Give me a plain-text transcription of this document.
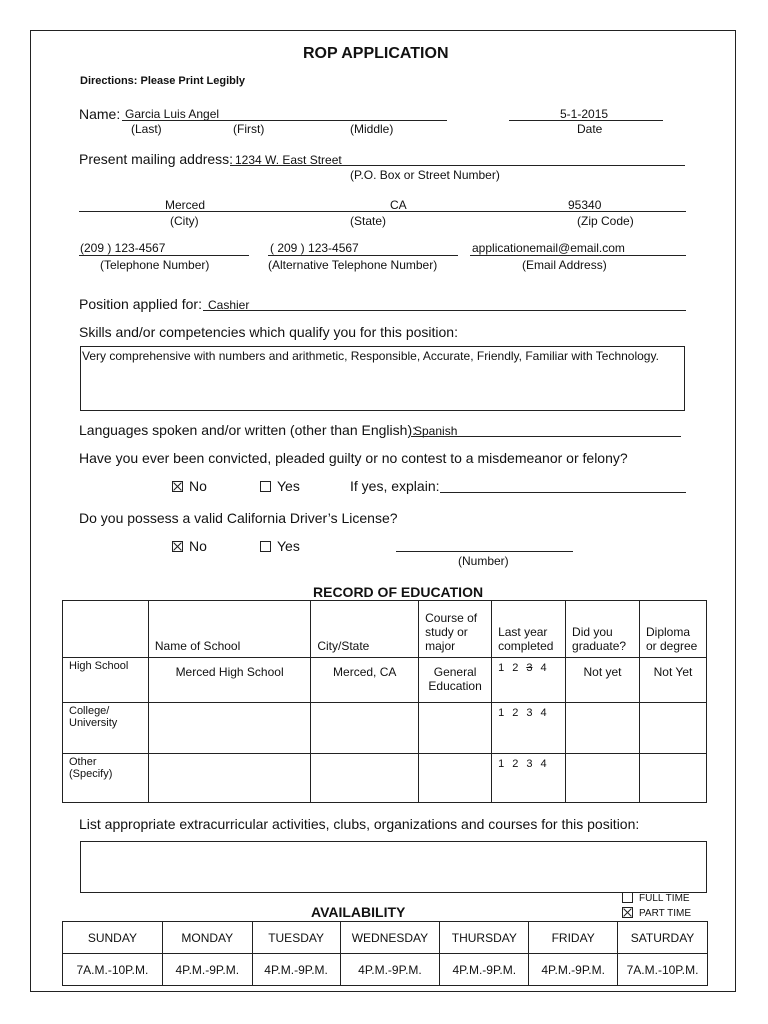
ROP APPLICATION
Directions: Please Print Legibly
Name: Garcia Luis Angel
(Last)	(First)	(Middle)
5-1-2015
Date
Present mailing address: 1234 W. East Street
(P.O. Box or Street Number)
Merced	CA	95340
(City)	(State)	(Zip Code)
(209 ) 123-4567
(Telephone Number)
( 209 ) 123-4567
(Alternative Telephone Number)
applicationemail@email.com
(Email Address)
Position applied for: Cashier
Skills and/or competencies which qualify you for this position:
Very comprehensive with numbers and arithmetic, Responsible, Accurate, Friendly, Familiar with Technology.
Languages spoken and/or written (other than English):
Spanish
Have you ever been convicted, pleaded guilty or no contest to a misdemeanor or felony?
No	Yes	If yes, explain:
Do you possess a valid California Driver’s License?
No	Yes
(Number)
RECORD OF EDUCATION
	Name of School	City/State	Course of study or major	Last year completed	Did you graduate?	Diploma or degree
High School	Merced High School	Merced, CA	General Education	1 2 3 4	Not yet	Not Yet
College/ University				1 2 3 4		
Other (Specify)				1 2 3 4		
List appropriate extracurricular activities, clubs, organizations and courses for this position:
FULL TIME
PART TIME
AVAILABILITY
SUNDAY	MONDAY	TUESDAY	WEDNESDAY	THURSDAY	FRIDAY	SATURDAY
7A.M.-10P.M.	4P.M.-9P.M.	4P.M.-9P.M.	4P.M.-9P.M.	4P.M.-9P.M.	4P.M.-9P.M.	7A.M.-10P.M.
